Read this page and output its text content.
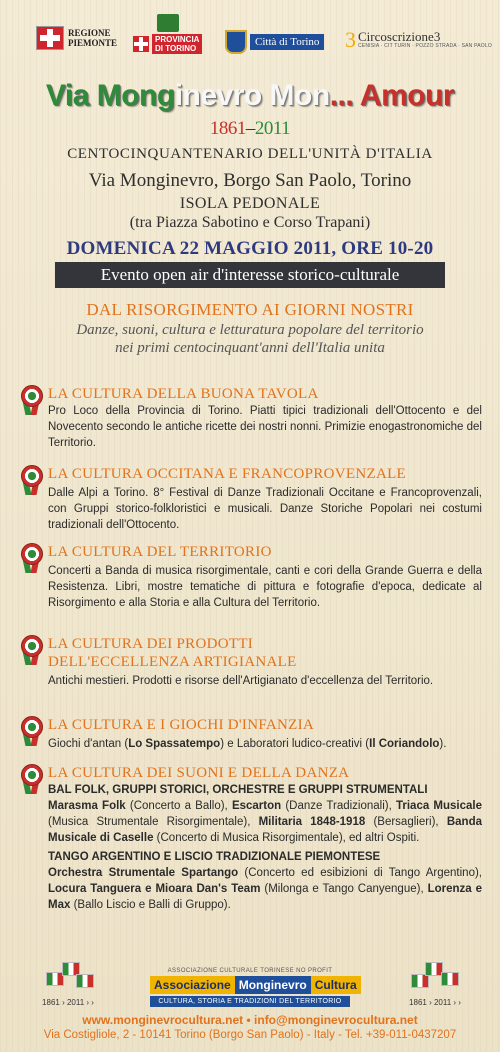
REGIONE
PIEMONTE	PROVINCIA
DI TORINO
Città di Torino 3 Circoscrizione3
CENISIA · CIT TURIN · POZZO STRADA · SAN PAOLO
Via Monginevro Mon... Amour
1861–2011
CENTOCINQUANTENARIO DELL'UNITÀ D'ITALIA
Via Monginevro, Borgo San Paolo, Torino
ISOLA PEDONALE
(tra Piazza Sabotino e Corso Trapani)
DOMENICA 22 MAGGIO 2011, ORE 10-20
Evento open air d'interesse storico-culturale
DAL RISORGIMENTO AI GIORNI NOSTRI
Danze, suoni, cultura e letturatura popolare del territorio
nei primi centocinquant'anni dell'Italia unita
LA CULTURA DELLA BUONA TAVOLA
Pro Loco della Provincia di Torino. Piatti tipici tradizionali dell'Ottocento e del Novecento secondo le antiche ricette dei nostri nonni. Primizie enogastronomiche del Territorio.
LA CULTURA OCCITANA E FRANCOPROVENZALE
Dalle Alpi a Torino. 8° Festival di Danze Tradizionali Occitane e Francoprovenzali, con Gruppi storico-folkloristici e musicali. Danze Storiche Popolari nei costumi tradizionali dell'Ottocento.
LA CULTURA DEL TERRITORIO
Concerti a Banda di musica risorgimentale, canti e cori della Grande Guerra e della Resistenza. Libri, mostre tematiche di pittura e fotografie d'epoca, dedicate al Risorgimento e alla Storia e alla Cultura del Territorio.
LA CULTURA DEI PRODOTTI
DELL'ECCELLENZA ARTIGIANALE
Antichi mestieri. Prodotti e risorse dell'Artigianato d'eccellenza del Territorio.
LA CULTURA E I GIOCHI D'INFANZIA
Giochi d'antan (Lo Spassatempo) e Laboratori ludico-creativi (Il Coriandolo).
LA CULTURA DEI SUONI E DELLA DANZA
BAL FOLK, GRUPPI STORICI, ORCHESTRE E GRUPPI STRUMENTALI
Marasma Folk (Concerto a Ballo), Escarton (Danze Tradizionali), Triaca Musicale (Musica Strumentale Risorgimentale), Militaria 1848-1918 (Bersaglieri), Banda Musicale di Caselle (Concerto di Musica Risorgimentale), ed altri Ospiti.
TANGO ARGENTINO E LISCIO TRADIZIONALE PIEMONTESE
Orchestra Strumentale Spartango (Concerto ed esibizioni di Tango Argentino), Locura Tanguera e Mioara Dan's Team (Milonga e Tango Canyengue), Lorenza e Max (Ballo Liscio e Balli di Gruppo).
1861 › 2011 › ›	1861 › 2011 › ›
ASSOCIAZIONE CULTURALE TORINESE NO PROFIT
Associazione Monginevro Cultura
CULTURA, STORIA E TRADIZIONI DEL TERRITORIO
www.monginevrocultura.net • info@monginevrocultura.net
Via Costigliole, 2 - 10141 Torino (Borgo San Paolo) - Italy - Tel. +39-011-0437207
